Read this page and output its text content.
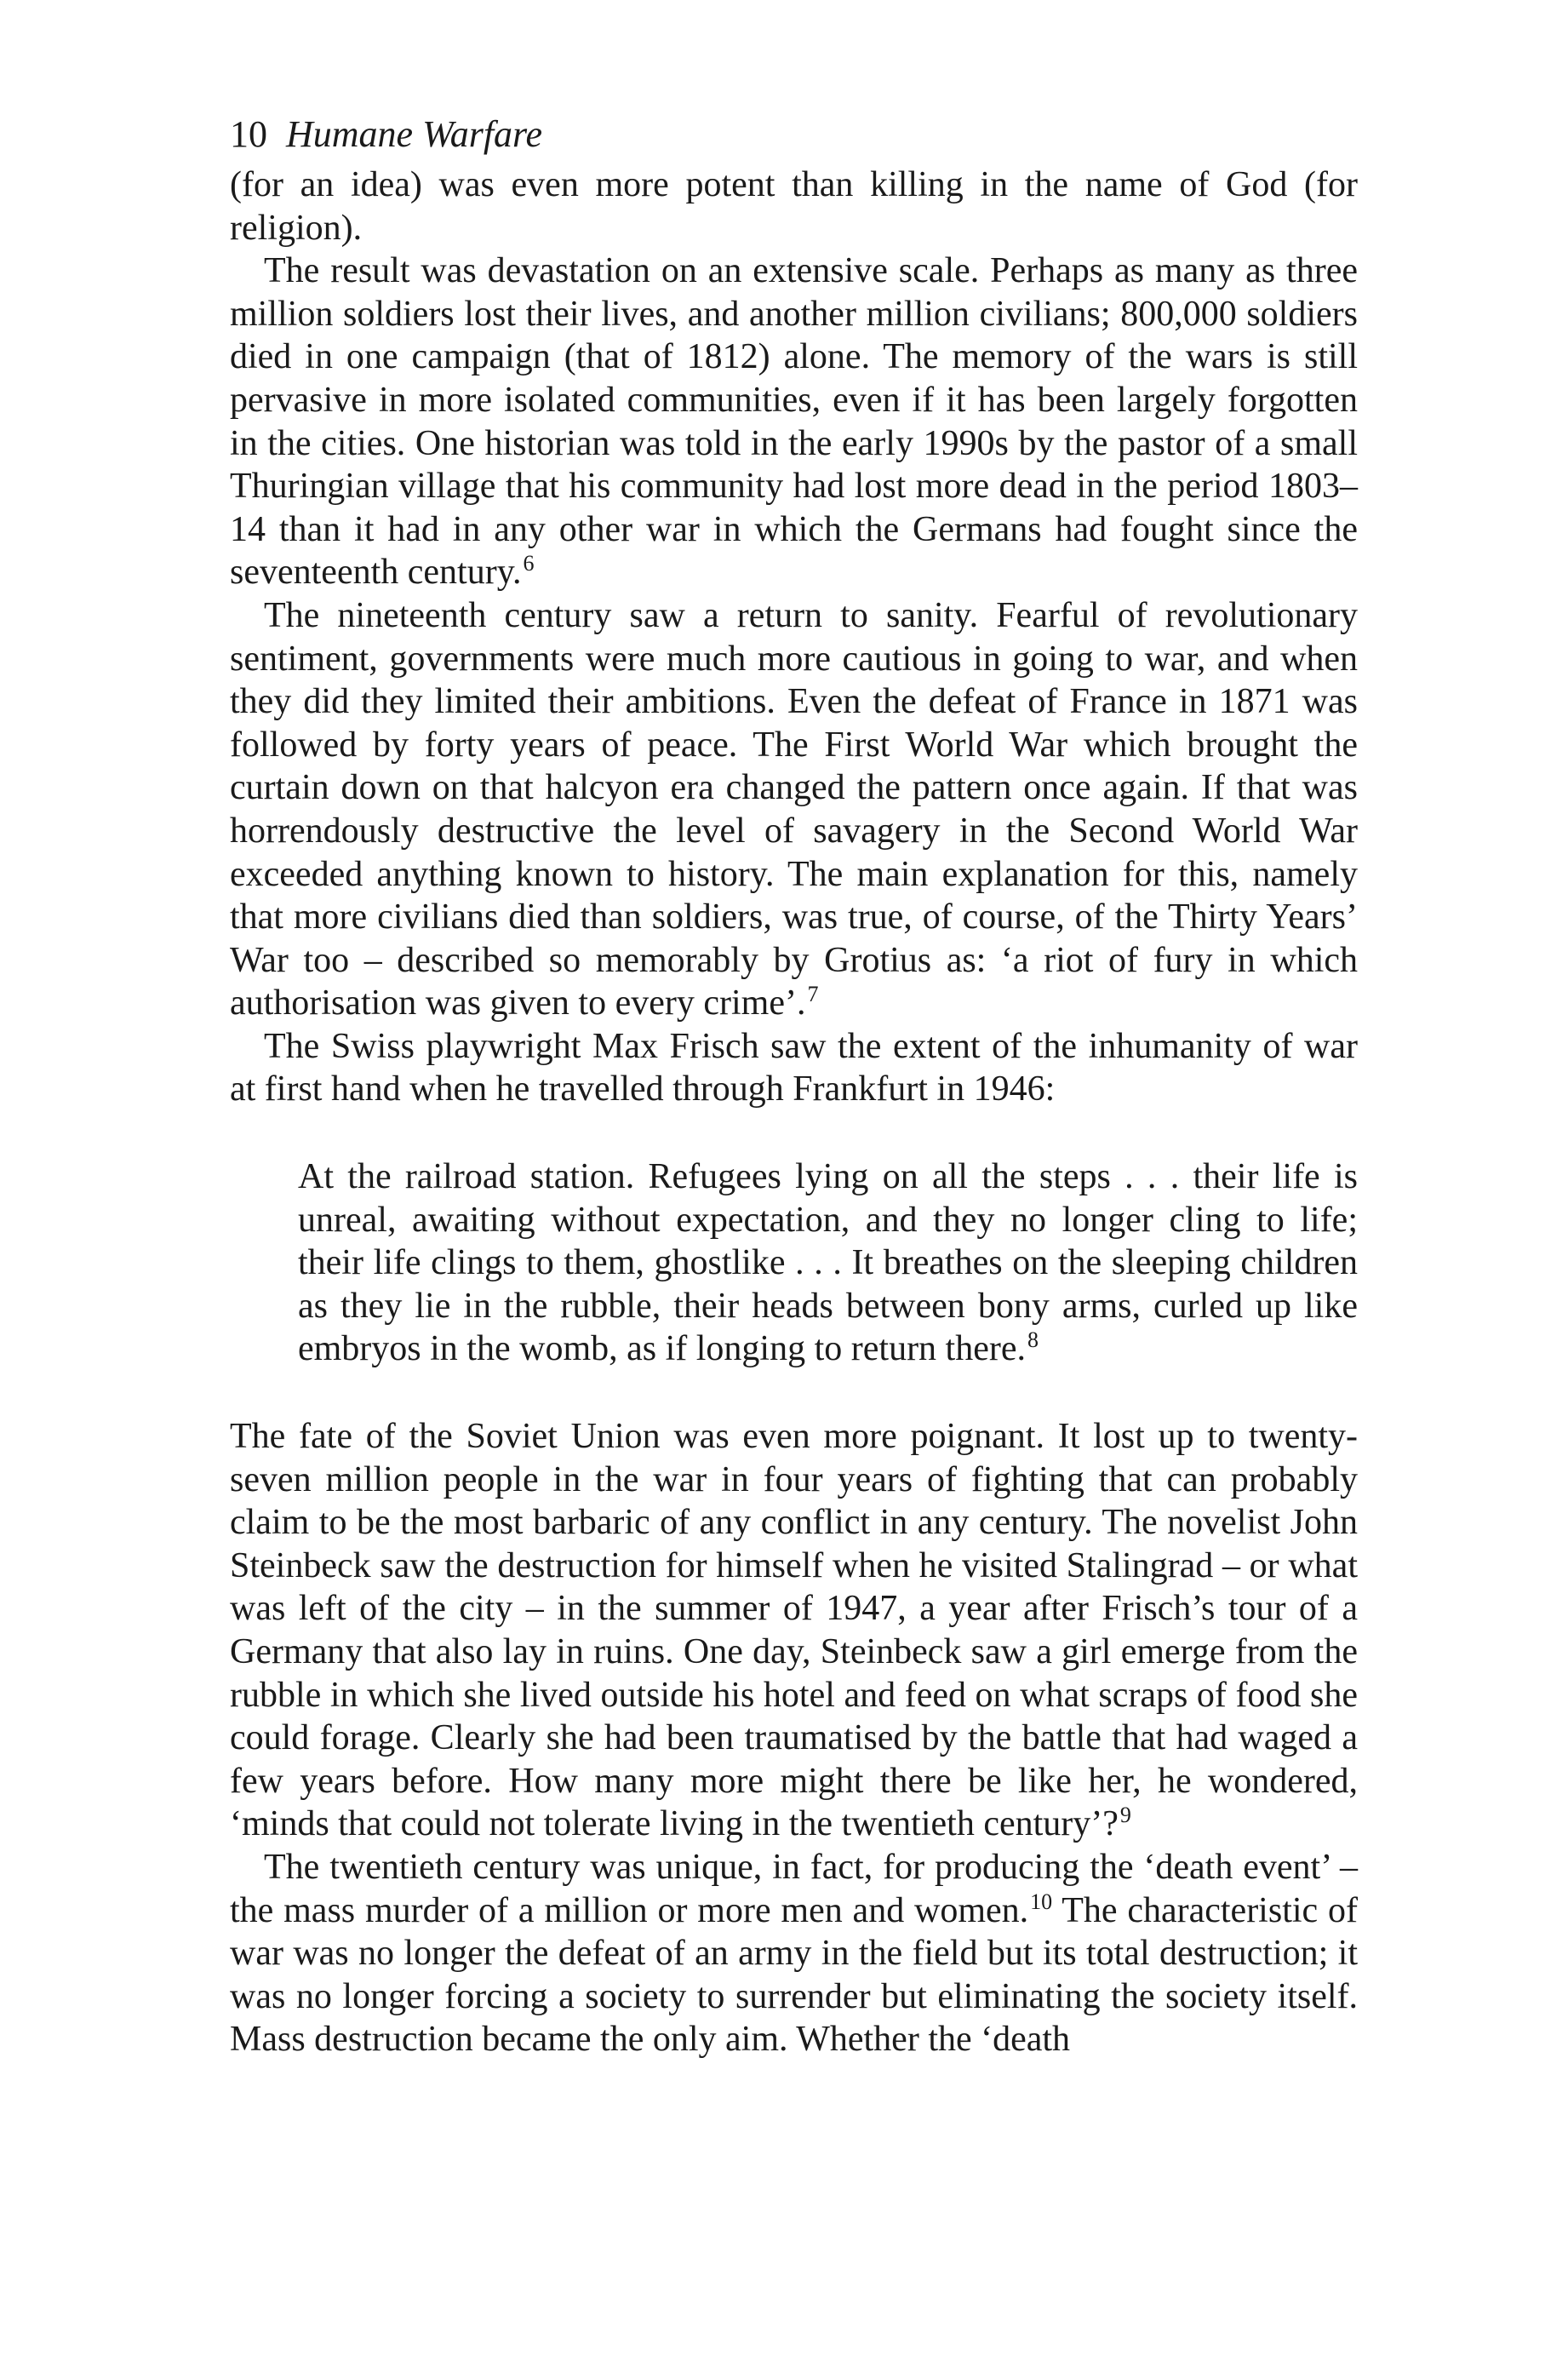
10 Humane Warfare

(for an idea) was even more potent than killing in the name of God (for religion).

The result was devastation on an extensive scale. Perhaps as many as three million soldiers lost their lives, and another million civilians; 800,000 soldiers died in one campaign (that of 1812) alone. The memory of the wars is still pervasive in more isolated communities, even if it has been largely forgotten in the cities. One historian was told in the early 1990s by the pastor of a small Thuringian village that his community had lost more dead in the period 1803–14 than it had in any other war in which the Germans had fought since the seventeenth century.$^6$

The nineteenth century saw a return to sanity. Fearful of revolutionary sentiment, governments were much more cautious in going to war, and when they did they limited their ambitions. Even the defeat of France in 1871 was followed by forty years of peace. The First World War which brought the curtain down on that halcyon era changed the pattern once again. If that was horrendously destructive the level of savagery in the Second World War exceeded anything known to history. The main explanation for this, namely that more civilians died than soldiers, was true, of course, of the Thirty Years’ War too – described so memorably by Grotius as: ‘a riot of fury in which authorisation was given to every crime’.$^7$

The Swiss playwright Max Frisch saw the extent of the inhumanity of war at first hand when he travelled through Frankfurt in 1946:

At the railroad station. Refugees lying on all the steps . . . their life is unreal, awaiting without expectation, and they no longer cling to life; their life clings to them, ghostlike . . . It breathes on the sleeping children as they lie in the rubble, their heads between bony arms, curled up like embryos in the womb, as if longing to return there.$^8$

The fate of the Soviet Union was even more poignant. It lost up to twenty-seven million people in the war in four years of fighting that can probably claim to be the most barbaric of any conflict in any century. The novelist John Steinbeck saw the destruction for himself when he visited Stalingrad – or what was left of the city – in the summer of 1947, a year after Frisch’s tour of a Germany that also lay in ruins. One day, Steinbeck saw a girl emerge from the rubble in which she lived outside his hotel and feed on what scraps of food she could forage. Clearly she had been traumatised by the battle that had waged a few years before. How many more might there be like her, he wondered, ‘minds that could not tolerate living in the twentieth century’?$^9$

The twentieth century was unique, in fact, for producing the ‘death event’ – the mass murder of a million or more men and women.$^{10}$ The characteristic of war was no longer the defeat of an army in the field but its total destruction; it was no longer forcing a society to surrender but eliminating the society itself. Mass destruction became the only aim. Whether the ‘death
